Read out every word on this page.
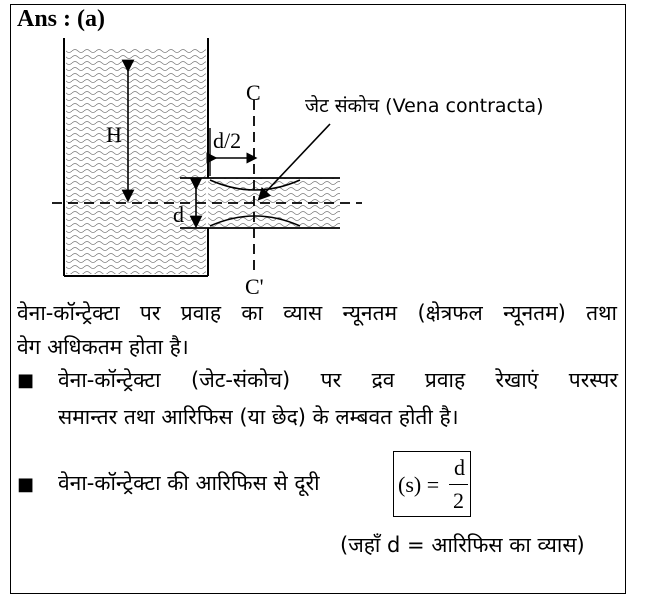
Ans : (a)
H
d
d/2
C
C'
जेट संकोच (Vena contracta)
वेना-कॉन्ट्रेक्टा पर प्रवाह का व्यास न्यूनतम (क्षेत्रफल न्यूनतम) तथा
वेग अधिकतम होता है।
■ वेना-कॉन्ट्रेक्टा (जेट-संकोच) पर द्रव प्रवाह रेखाएं परस्पर
समान्तर तथा आरिफिस (या छेद) के लम्बवत होती है।
■ वेना-कॉन्ट्रेक्टा की आरिफिस से दूरी	(s) =
d
2
(जहाँ d = आरिफिस का व्यास)
